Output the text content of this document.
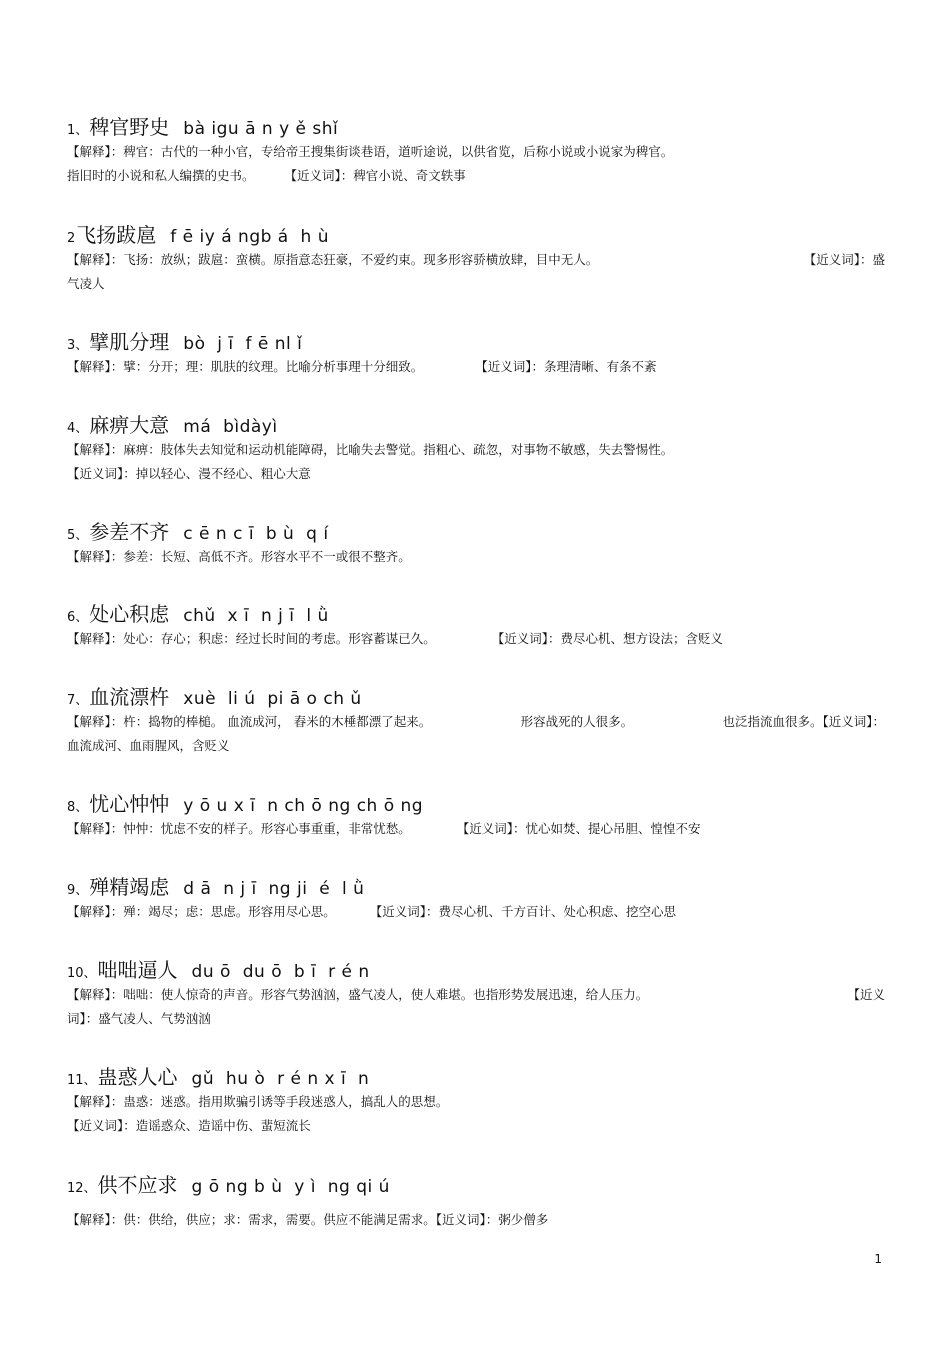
1、稗官野史 bà igu ā n y ě shǐ
【解释】：稗官：古代的一种小官，专给帝王搜集街谈巷语，道听途说，以供省览，后称小说或小说家为稗官。
指旧时的小说和私人编撰的史书。 【近义词】：稗官小说、奇文轶事
2飞扬跋扈 f ē iy á ngb á  h ù
【解释】：飞扬：放纵；跋扈：蛮横。原指意态狂豪，不爱约束。现多形容骄横放肆，目中无人。	【近义词】：盛
气凌人
3、擘肌分理 bò  j ī  f ē nl ǐ
【解释】：擘：分开；理：肌肤的纹理。比喻分析事理十分细致。	【近义词】：条理清晰、有条不紊
4、麻痹大意 má  bìdàyì
【解释】：麻痹：肢体失去知觉和运动机能障碍，比喻失去警觉。指粗心、疏忽，对事物不敏感，失去警惕性。
【近义词】：掉以轻心、漫不经心、粗心大意
5、参差不齐 c ē n c ī  b ù  q í
【解释】：参差：长短、高低不齐。形容水平不一或很不整齐。
6、处心积虑 chǔ  x ī  n j ī  l ǜ
【解释】：处心：存心；积虑：经过长时间的考虑。形容蓄谋已久。	【近义词】：费尽心机、想方设法；含贬义
7、血流漂杵 xuè  li ú  pi ā o ch ǔ
【解释】：杵：捣物的棒槌。 血流成河， 舂米的木棰都漂了起来。	形容战死的人很多。	也泛指流血很多。【近义词】：
血流成河、血雨腥风，含贬义
8、忧心忡忡 y ō u x ī  n ch ō ng ch ō ng
【解释】：忡忡：忧虑不安的样子。形容心事重重，非常忧愁。	【近义词】：忧心如焚、提心吊胆、惶惶不安
9、殚精竭虑 d ā  n j ī  ng ji  é  l ǜ
【解释】：殚：竭尽；虑：思虑。形容用尽心思。	【近义词】：费尽心机、千方百计、处心积虑、挖空心思
10、咄咄逼人 du ō  du ō  b ī  r é n
【解释】：咄咄：使人惊奇的声音。形容气势汹汹，盛气凌人，使人难堪。也指形势发展迅速，给人压力。	【近义
词】：盛气凌人、气势汹汹
11、蛊惑人心 gǔ  hu ò  r é n x ī  n
【解释】：蛊惑：迷惑。指用欺骗引诱等手段迷惑人，搞乱人的思想。
【近义词】：造谣惑众、造谣中伤、蜚短流长
12、供不应求 g ō ng b ù  y ì  ng qi ú
【解释】：供：供给，供应；求：需求，需要。供应不能满足需求。【近义词】：粥少僧多
1
